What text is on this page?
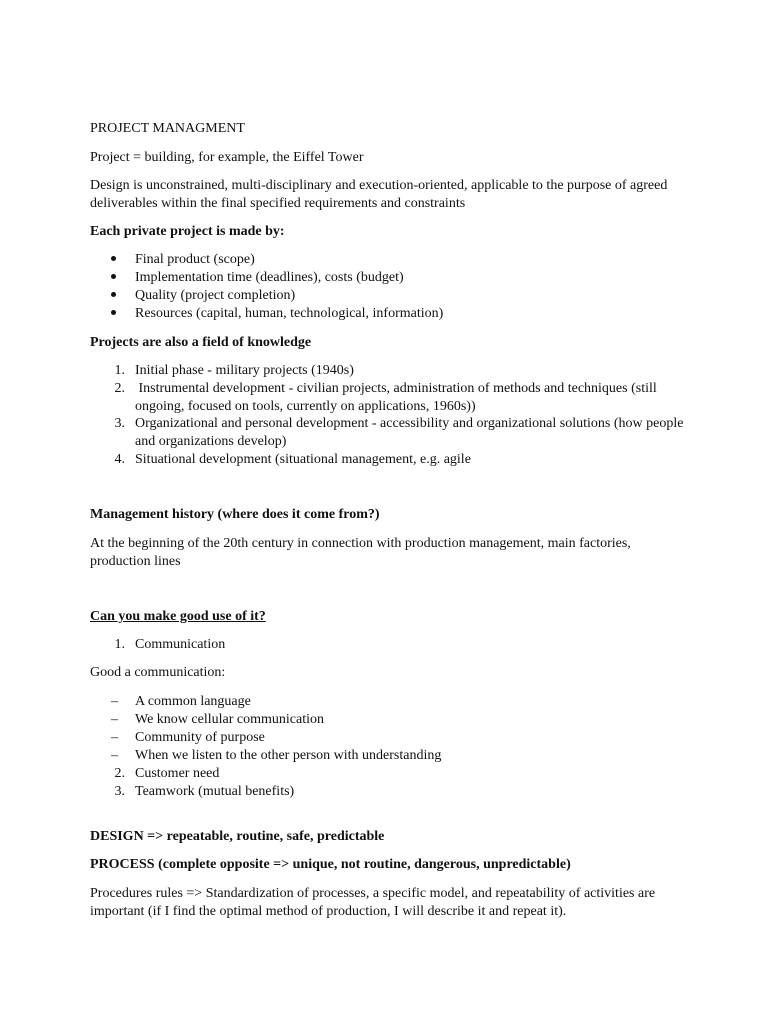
PROJECT MANAGMENT

Project = building, for example, the Eiffel Tower

Design is unconstrained, multi-disciplinary and execution-oriented, applicable to the purpose of agreed deliverables within the final specified requirements and constraints

Each private project is made by:

Final product (scope)
Implementation time (deadlines), costs (budget)
Quality (project completion)
Resources (capital, human, technological, information)

Projects are also a field of knowledge

1. Initial phase - military projects (1940s)
2. Instrumental development - civilian projects, administration of methods and techniques (still ongoing, focused on tools, currently on applications, 1960s))
3. Organizational and personal development - accessibility and organizational solutions (how people and organizations develop)
4. Situational development (situational management, e.g. agile

Management history (where does it come from?)

At the beginning of the 20th century in connection with production management, main factories, production lines

Can you make good use of it?

1. Communication

Good a communication:

–	A common language
–	We know cellular communication
–	Community of purpose
–	When we listen to the other person with understanding
2. Customer need
3. Teamwork (mutual benefits)

DESIGN => repeatable, routine, safe, predictable

PROCESS (complete opposite => unique, not routine, dangerous, unpredictable)

Procedures rules => Standardization of processes, a specific model, and repeatability of activities are important (if I find the optimal method of production, I will describe it and repeat it).
